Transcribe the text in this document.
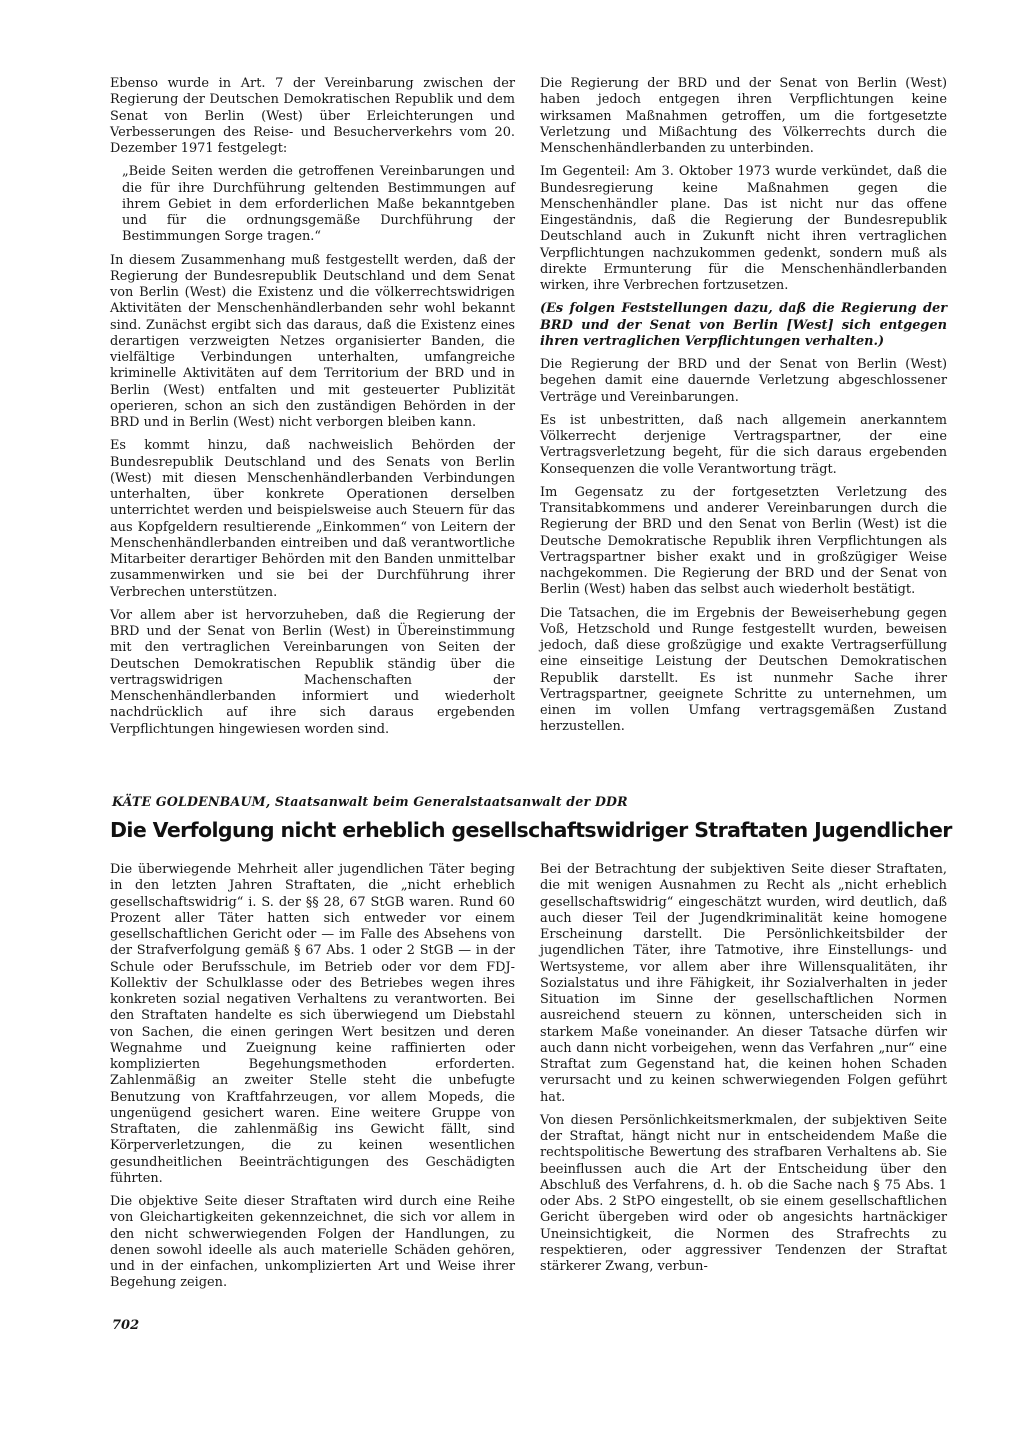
Ebenso wurde in Art. 7 der Vereinbarung zwischen der Regierung der Deutschen Demokratischen Republik und dem Senat von Berlin (West) über Erleichterungen und Verbesserungen des Reise- und Besucherverkehrs vom 20. Dezember 1971 festgelegt:

„Beide Seiten werden die getroffenen Vereinbarungen und die für ihre Durchführung geltenden Bestimmungen auf ihrem Gebiet in dem erforderlichen Maße bekanntgeben und für die ordnungsgemäße Durchführung der Bestimmungen Sorge tragen.“

In diesem Zusammenhang muß festgestellt werden, daß der Regierung der Bundesrepublik Deutschland und dem Senat von Berlin (West) die Existenz und die völkerrechtswidrigen Aktivitäten der Menschenhändlerbanden sehr wohl bekannt sind. Zunächst ergibt sich das daraus, daß die Existenz eines derartigen verzweigten Netzes organisierter Banden, die vielfältige Verbindungen unterhalten, umfangreiche kriminelle Aktivitäten auf dem Territorium der BRD und in Berlin (West) entfalten und mit gesteuerter Publizität operieren, schon an sich den zuständigen Behörden in der BRD und in Berlin (West) nicht verborgen bleiben kann.

Es kommt hinzu, daß nachweislich Behörden der Bundesrepublik Deutschland und des Senats von Berlin (West) mit diesen Menschenhändlerbanden Verbindungen unterhalten, über konkrete Operationen derselben unterrichtet werden und beispielsweise auch Steuern für das aus Kopfgeldern resultierende „Einkommen“ von Leitern der Menschenhändlerbanden eintreiben und daß verantwortliche Mitarbeiter derartiger Behörden mit den Banden unmittelbar zusammenwirken und sie bei der Durchführung ihrer Verbrechen unterstützen.

Vor allem aber ist hervorzuheben, daß die Regierung der BRD und der Senat von Berlin (West) in Übereinstimmung mit den vertraglichen Vereinbarungen von Seiten der Deutschen Demokratischen Republik ständig über die vertragswidrigen Machenschaften der Menschenhändlerbanden informiert und wiederholt nachdrücklich auf ihre sich daraus ergebenden Verpflichtungen hingewiesen worden sind.

Die Regierung der BRD und der Senat von Berlin (West) haben jedoch entgegen ihren Verpflichtungen keine wirksamen Maßnahmen getroffen, um die fortgesetzte Verletzung und Mißachtung des Völkerrechts durch die Menschenhändlerbanden zu unterbinden.

Im Gegenteil: Am 3. Oktober 1973 wurde verkündet, daß die Bundesregierung keine Maßnahmen gegen die Menschenhändler plane. Das ist nicht nur das offene Eingeständnis, daß die Regierung der Bundesrepublik Deutschland auch in Zukunft nicht ihren vertraglichen Verpflichtungen nachzukommen gedenkt, sondern muß als direkte Ermunterung für die Menschenhändlerbanden wirken, ihre Verbrechen fortzusetzen.

(Es folgen Feststellungen dazu, daß die Regierung der BRD und der Senat von Berlin [West] sich entgegen ihren vertraglichen Verpflichtungen verhalten.)

Die Regierung der BRD und der Senat von Berlin (West) begehen damit eine dauernde Verletzung abgeschlossener Verträge und Vereinbarungen.

Es ist unbestritten, daß nach allgemein anerkanntem Völkerrecht derjenige Vertragspartner, der eine Vertragsverletzung begeht, für die sich daraus ergebenden Konsequenzen die volle Verantwortung trägt.

Im Gegensatz zu der fortgesetzten Verletzung des Transitabkommens und anderer Vereinbarungen durch die Regierung der BRD und den Senat von Berlin (West) ist die Deutsche Demokratische Republik ihren Verpflichtungen als Vertragspartner bisher exakt und in großzügiger Weise nachgekommen. Die Regierung der BRD und der Senat von Berlin (West) haben das selbst auch wiederholt bestätigt.

Die Tatsachen, die im Ergebnis der Beweiserhebung gegen Voß, Hetzschold und Runge festgestellt wurden, beweisen jedoch, daß diese großzügige und exakte Vertragserfüllung eine einseitige Leistung der Deutschen Demokratischen Republik darstellt. Es ist nunmehr Sache ihrer Vertragspartner, geeignete Schritte zu unternehmen, um einen im vollen Umfang vertragsgemäßen Zustand herzustellen.

KÄTE GOLDENBAUM, Staatsanwalt beim Generalstaatsanwalt der DDR
Die Verfolgung nicht erheblich gesellschaftswidriger Straftaten Jugendlicher

Die überwiegende Mehrheit aller jugendlichen Täter beging in den letzten Jahren Straftaten, die „nicht erheblich gesellschaftswidrig“ i. S. der §§ 28, 67 StGB waren. Rund 60 Prozent aller Täter hatten sich entweder vor einem gesellschaftlichen Gericht oder — im Falle des Absehens von der Strafverfolgung gemäß § 67 Abs. 1 oder 2 StGB — in der Schule oder Berufsschule, im Betrieb oder vor dem FDJ-Kollektiv der Schulklasse oder des Betriebes wegen ihres konkreten sozial negativen Verhaltens zu verantworten. Bei den Straftaten handelte es sich überwiegend um Diebstahl von Sachen, die einen geringen Wert besitzen und deren Wegnahme und Zueignung keine raffinierten oder komplizierten Begehungsmethoden erforderten. Zahlenmäßig an zweiter Stelle steht die unbefugte Benutzung von Kraftfahrzeugen, vor allem Mopeds, die ungenügend gesichert waren. Eine weitere Gruppe von Straftaten, die zahlenmäßig ins Gewicht fällt, sind Körperverletzungen, die zu keinen wesentlichen gesundheitlichen Beeinträchtigungen des Geschädigten führten.

Die objektive Seite dieser Straftaten wird durch eine Reihe von Gleichartigkeiten gekennzeichnet, die sich vor allem in den nicht schwerwiegenden Folgen der Handlungen, zu denen sowohl ideelle als auch materielle Schäden gehören, und in der einfachen, unkomplizierten Art und Weise ihrer Begehung zeigen.

Bei der Betrachtung der subjektiven Seite dieser Straftaten, die mit wenigen Ausnahmen zu Recht als „nicht erheblich gesellschaftswidrig“ eingeschätzt wurden, wird deutlich, daß auch dieser Teil der Jugendkriminalität keine homogene Erscheinung darstellt. Die Persönlichkeitsbilder der jugendlichen Täter, ihre Tatmotive, ihre Einstellungs- und Wertsysteme, vor allem aber ihre Willensqualitäten, ihr Sozialstatus und ihre Fähigkeit, ihr Sozialverhalten in jeder Situation im Sinne der gesellschaftlichen Normen ausreichend steuern zu können, unterscheiden sich in starkem Maße voneinander. An dieser Tatsache dürfen wir auch dann nicht vorbeigehen, wenn das Verfahren „nur“ eine Straftat zum Gegenstand hat, die keinen hohen Schaden verursacht und zu keinen schwerwiegenden Folgen geführt hat.

Von diesen Persönlichkeitsmerkmalen, der subjektiven Seite der Straftat, hängt nicht nur in entscheidendem Maße die rechtspolitische Bewertung des strafbaren Verhaltens ab. Sie beeinflussen auch die Art der Entscheidung über den Abschluß des Verfahrens, d. h. ob die Sache nach § 75 Abs. 1 oder Abs. 2 StPO eingestellt, ob sie einem gesellschaftlichen Gericht übergeben wird oder ob angesichts hartnäckiger Uneinsichtigkeit, die Normen des Strafrechts zu respektieren, oder aggressiver Tendenzen der Straftat stärkerer Zwang, verbun-

702
